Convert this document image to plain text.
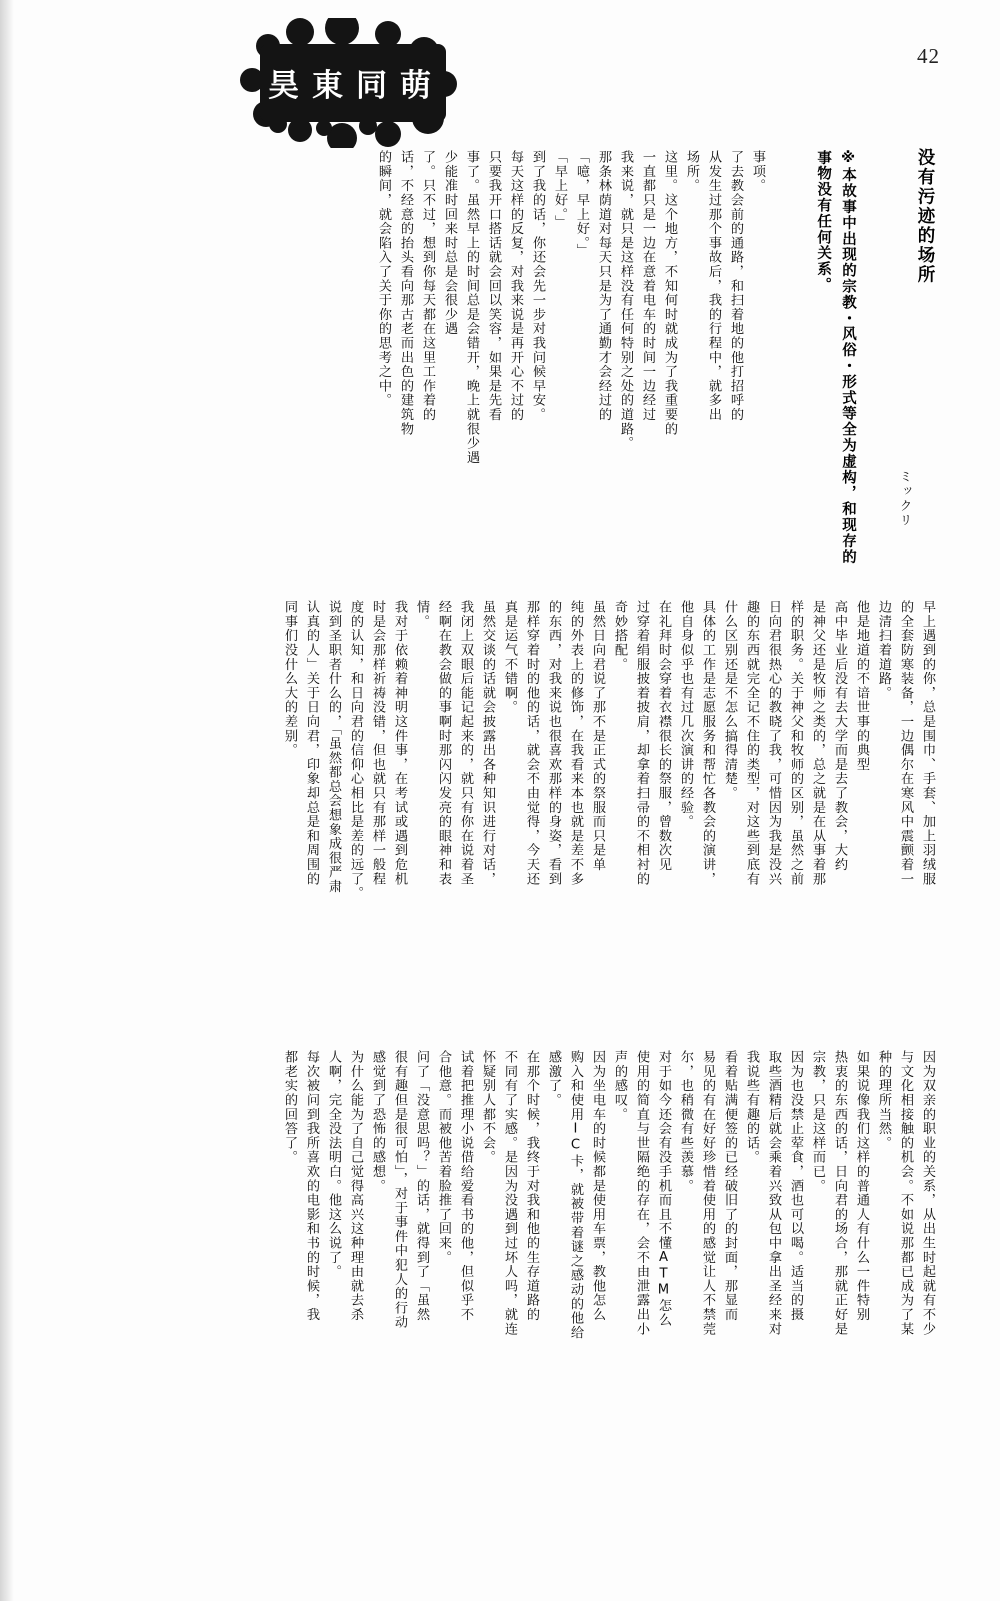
42
昊 東 同 萌
没有污迹的场所
ミックリ
※本故事中出现的宗教・风俗・形式等全为虚构，和现存的事物没有任何关系。
事项。
了去教会前的通路，和扫着地的他打招呼的
从发生过那个事故后，我的行程中，就多出
场所。
这里。这个地方，不知何时就成为了我重要的
一直都只是一边在意着电车的时间一边经过
我来说，就只是这样没有任何特别之处的道路。
那条林荫道对每天只是为了通勤才会经过的
「噫，早上好。」
「早上好。」
到了我的话，你还会先一步对我问候早安。
每天这样的反复，对我来说是再开心不过的
只要我开口搭话就会回以笑容，如果是先看
事了。虽然早上的时间总是会错开，晚上就很少遇
少能准时回来时总是会很少遇
了。只不过，想到你每天都在这里工作着的
话，不经意的抬头看向那古老而出色的建筑物
的瞬间，就会陷入了关于你的思考之中。
早上遇到的你，总是围巾、手套、加上羽绒服
的全套防寒装备，一边偶尔在寒风中震颤着一
边清扫着道路。
他是地道的不谙世事的典型
高中毕业后没有去大学而是去了教会，大约
是神父还是牧师之类的，总之就是在从事着那
样的职务。关于神父和牧师的区别，虽然之前
日向君很热心的教晓了我，可惜因为我是没兴
趣的东西就完全记不住的类型，对这些到底有
什么区别还是不怎么搞得清楚。
具体的工作是志愿服务和帮忙各教会的演讲，
他自身似乎也有过几次演讲的经验。
在礼拜时会穿着衣襟很长的祭服，曾数次见
过穿着绢服披着披肩，却拿着扫帚的不相衬的
奇妙搭配。
虽然日向君说了那不是正式的祭服而只是单
纯的外表上的修饰，在我看来本也就是差不多
的东西，对我来说也很喜欢那样的身姿，看到
那样穿着时的他的话，就会不由觉得，今天还
真是运气不错啊。
虽然交谈的话就会披露出各种知识进行对话，
我闭上双眼后能记起来的，就只有你在说着圣
经啊在教会做的事啊时那闪闪发亮的眼神和表
情。
我对于依赖着神明这件事，在考试或遇到危机
时是会那样祈祷没错，但也就只有那样一般程
度的认知，和日向君的信仰心相比是差的远了。
说到圣职者什么的，「虽然都总会想象成很严肃
认真的人」关于日向君，印象却总是和周围的
同事们没什么大的差别。
因为双亲的职业的关系，从出生时起就有不少
与文化相接触的机会。不如说那都已成为了某
种的理所当然。
如果说像我们这样的普通人有什么一件特别
热衷的东西的话，日向君的场合，那就正好是
宗教，只是这样而已。
因为也没禁止荤食，酒也可以喝。适当的摄
取些酒精后就会乘着兴致从包中拿出圣经来对
我说些有趣的话。
看着贴满便签的已经破旧了的封面，那显而
易见的有在好好珍惜着使用的感觉让人不禁莞
尔，也稍微有些羡慕。
对于如今还会有没手机而且不懂ATM怎么
使用的简直与世隔绝的存在，会不由泄露出小
声的感叹。
因为坐电车的时候都是使用车票，教他怎么
购入和使用IC卡，就被带着谜之感动的他给
感激了。
在那个时候，我终于对我和他的生存道路的
不同有了实感。是因为没遇到过坏人吗，就连
怀疑别人都不会。
试着把推理小说借给爱看书的他，但似乎不
合他意。而被他苦着脸推了回来。
问了「没意思吗？」的话，就得到了「虽然
很有趣但是很可怕」，对于事件中犯人的行动
感觉到了恐怖的感想。
为什么能为了自己觉得高兴这种理由就去杀
人啊，完全没法明白。他这么说了。
每次被问到我所喜欢的电影和书的时候，我
都老实的回答了。
